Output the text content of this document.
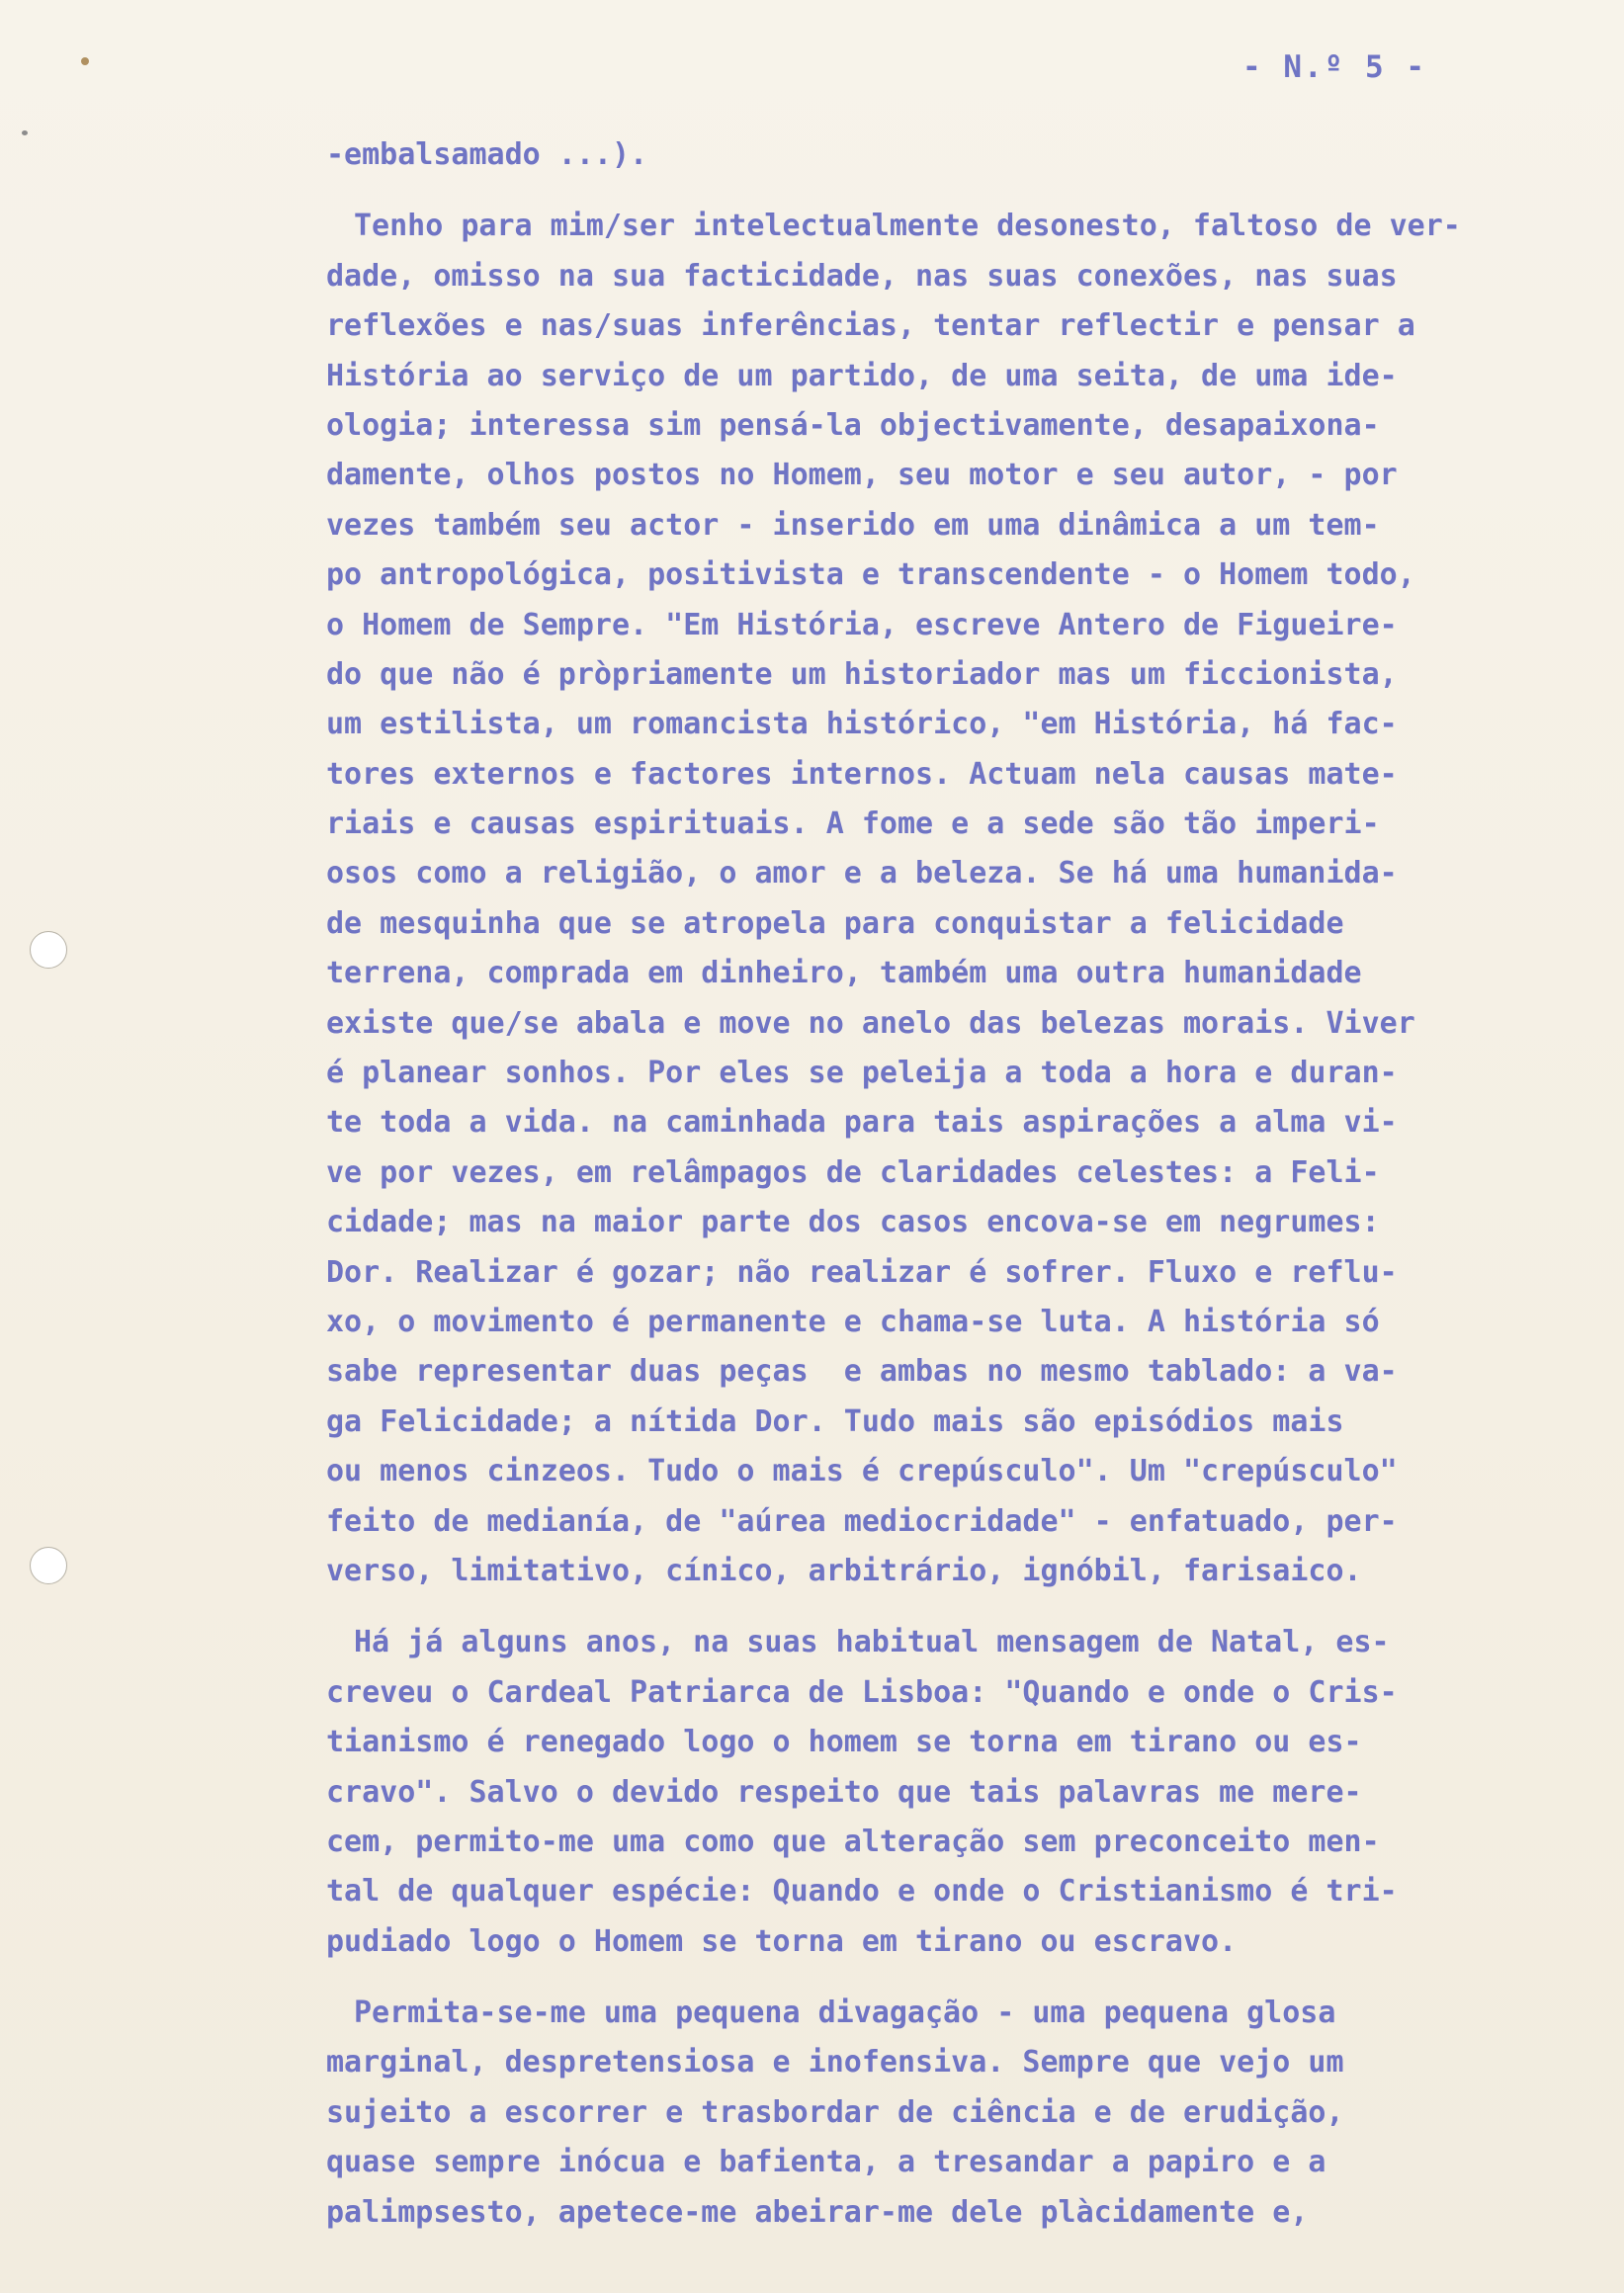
- N.º 5 -
-embalsamado ...).
Tenho para mim/ser intelectualmente desonesto, faltoso de ver-
dade, omisso na sua facticidade, nas suas conexões, nas suas
reflexões e nas/suas inferências, tentar reflectir e pensar a
História ao serviço de um partido, de uma seita, de uma ide-
ologia; interessa sim pensá-la objectivamente, desapaixona-
damente, olhos postos no Homem, seu motor e seu autor, - por
vezes também seu actor - inserido em uma dinâmica a um tem-
po antropológica, positivista e transcendente - o Homem todo,
o Homem de Sempre. "Em História, escreve Antero de Figueire-
do que não é pròpriamente um historiador mas um ficcionista,
um estilista, um romancista histórico, "em História, há fac-
tores externos e factores internos. Actuam nela causas mate-
riais e causas espirituais. A fome e a sede são tão imperi-
osos como a religião, o amor e a beleza. Se há uma humanida-
de mesquinha que se atropela para conquistar a felicidade
terrena, comprada em dinheiro, também uma outra humanidade
existe que/se abala e move no anelo das belezas morais. Viver
é planear sonhos. Por eles se peleija a toda a hora e duran-
te toda a vida. na caminhada para tais aspirações a alma vi-
ve por vezes, em relâmpagos de claridades celestes: a Feli-
cidade; mas na maior parte dos casos encova-se em negrumes:
Dor. Realizar é gozar; não realizar é sofrer. Fluxo e reflu-
xo, o movimento é permanente e chama-se luta. A história só
sabe representar duas peças  e ambas no mesmo tablado: a va-
ga Felicidade; a nítida Dor. Tudo mais são episódios mais
ou menos cinzeos. Tudo o mais é crepúsculo". Um "crepúsculo"
feito de medianía, de "aúrea mediocridade" - enfatuado, per-
verso, limitativo, cínico, arbitrário, ignóbil, farisaico.
Há já alguns anos, na suas habitual mensagem de Natal, es-
creveu o Cardeal Patriarca de Lisboa: "Quando e onde o Cris-
tianismo é renegado logo o homem se torna em tirano ou es-
cravo". Salvo o devido respeito que tais palavras me mere-
cem, permito-me uma como que alteração sem preconceito men-
tal de qualquer espécie: Quando e onde o Cristianismo é tri-
pudiado logo o Homem se torna em tirano ou escravo.
Permita-se-me uma pequena divagação - uma pequena glosa
marginal, despretensiosa e inofensiva. Sempre que vejo um
sujeito a escorrer e trasbordar de ciência e de erudição,
quase sempre inócua e bafienta, a tresandar a papiro e a
palimpsesto, apetece-me abeirar-me dele plàcidamente e,
